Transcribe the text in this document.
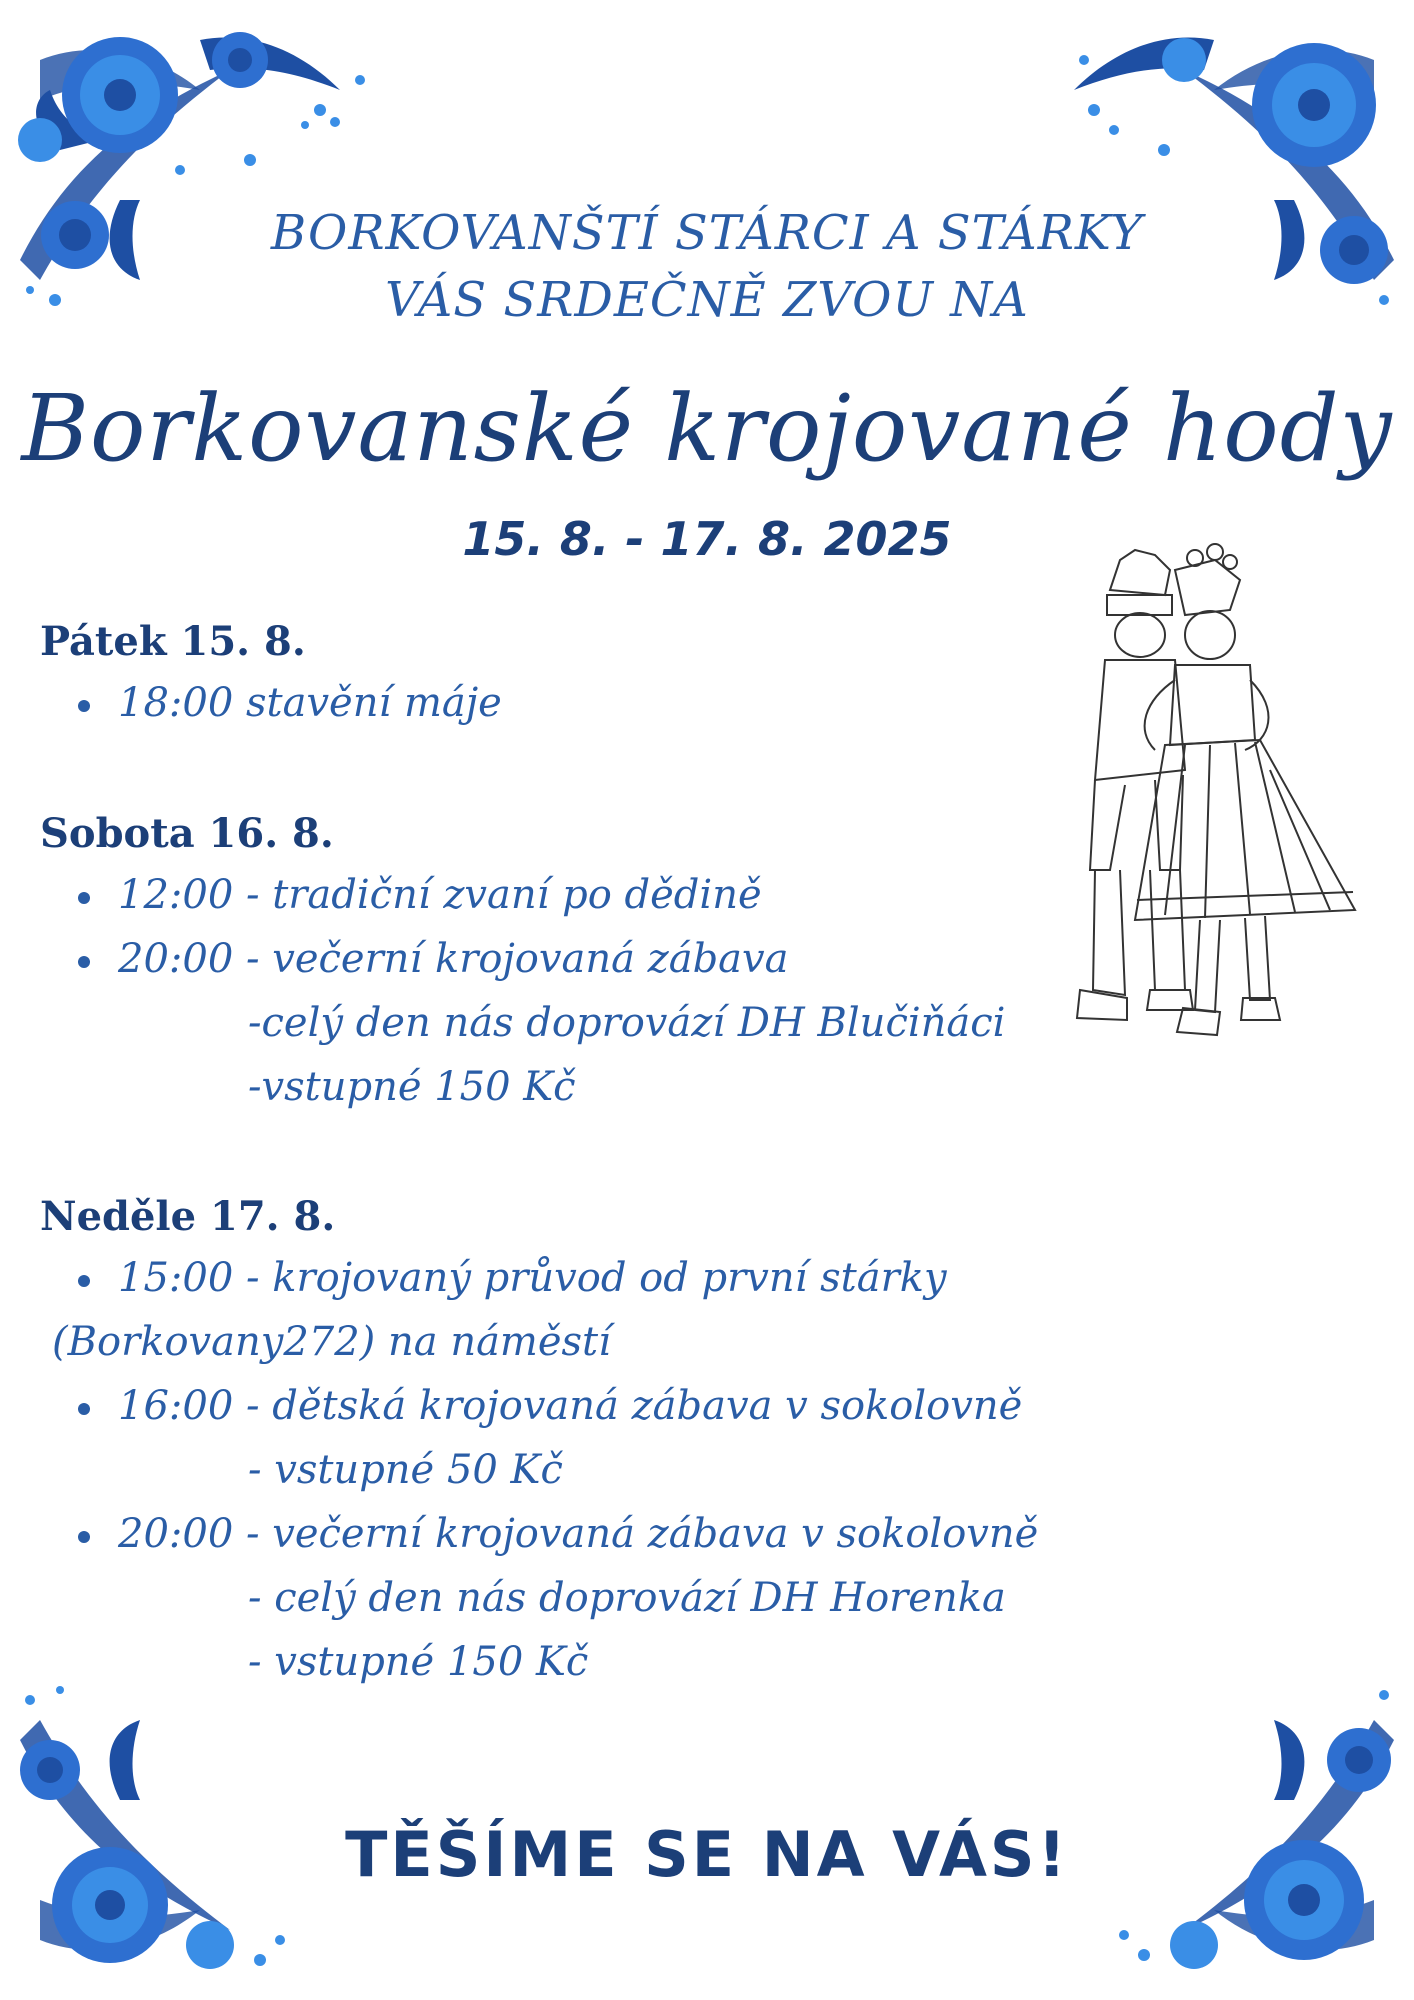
BORKOVANŠTÍ STÁRCI A STÁRKY
VÁS SRDEČNĚ ZVOU NA
Borkovanské krojované hody
15. 8. - 17. 8. 2025
Pátek 15. 8.
18:00 stavění máje
Sobota 16. 8.
12:00 - tradiční zvaní po dědině
20:00 - večerní krojovaná zábava
-celý den nás doprovází DH Blučiňáci
-vstupné 150 Kč
Neděle 17. 8.
15:00 - krojovaný průvod od první stárky
(Borkovany272) na náměstí
16:00 - dětská krojovaná zábava v sokolovně
- vstupné 50 Kč
20:00 - večerní krojovaná zábava v sokolovně
- celý den nás doprovází DH Horenka
- vstupné 150 Kč
TĚŠÍME SE NA VÁS!
